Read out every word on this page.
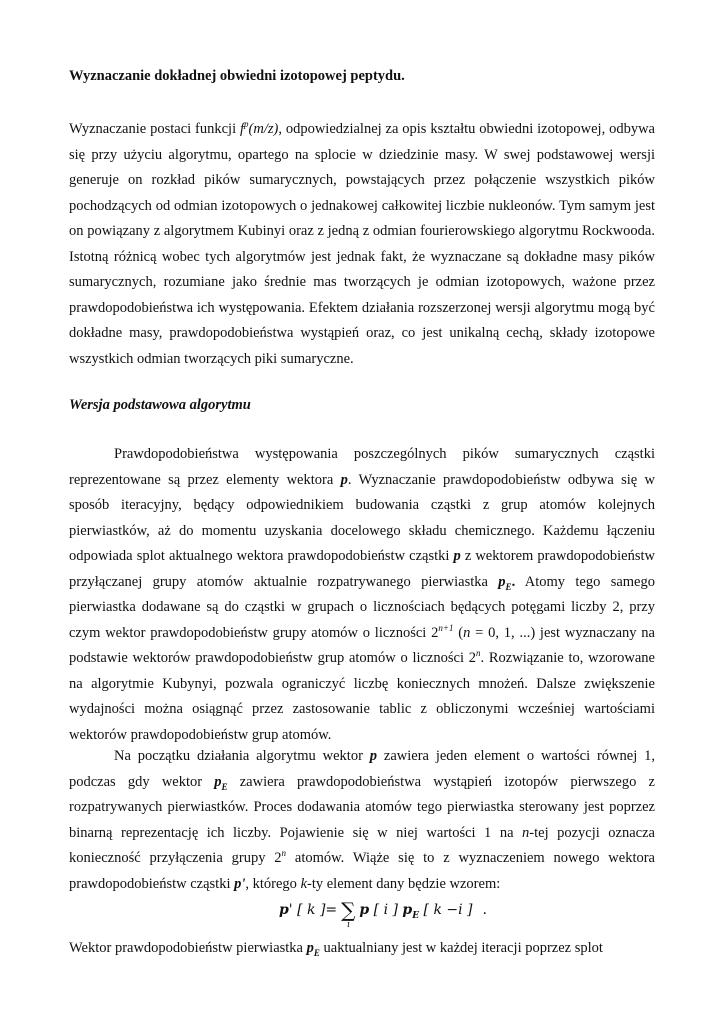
Wyznaczanie dokładnej obwiedni izotopowej peptydu.

Wyznaczanie postaci funkcji $f^p(m/z)$, odpowiedzialnej za opis kształtu obwiedni izotopowej, odbywa się przy użyciu algorytmu, opartego na splocie w dziedzinie masy. W swej podstawowej wersji generuje on rozkład pików sumarycznych, powstających przez połączenie wszystkich pików pochodzących od odmian izotopowych o jednakowej całkowitej liczbie nukleonów. Tym samym jest on powiązany z algorytmem Kubinyi oraz z jedną z odmian fourierowskiego algorytmu Rockwooda. Istotną różnicą wobec tych algorytmów jest jednak fakt, że wyznaczane są dokładne masy pików sumarycznych, rozumiane jako średnie mas tworzących je odmian izotopowych, ważone przez prawdopodobieństwa ich występowania. Efektem działania rozszerzonej wersji algorytmu mogą być dokładne masy, prawdopodobieństwa wystąpień oraz, co jest unikalną cechą, składy izotopowe wszystkich odmian tworzących piki sumaryczne.

Wersja podstawowa algorytmu

Prawdopodobieństwa występowania poszczególnych pików sumarycznych cząstki reprezentowane są przez elementy wektora p. Wyznaczanie prawdopodobieństw odbywa się w sposób iteracyjny, będący odpowiednikiem budowania cząstki z grup atomów kolejnych pierwiastków, aż do momentu uzyskania docelowego składu chemicznego. Każdemu łączeniu odpowiada splot aktualnego wektora prawdopodobieństw cząstki p z wektorem prawdopodobieństw przyłączanej grupy atomów aktualnie rozpatrywanego pierwiastka $p_E$. Atomy tego samego pierwiastka dodawane są do cząstki w grupach o licznościach będących potęgami liczby 2, przy czym wektor prawdopodobieństw grupy atomów o liczności $2^{n+1}$ (n = 0, 1, ...) jest wyznaczany na podstawie wektorów prawdopodobieństw grup atomów o liczności 2$^n$. Rozwiązanie to, wzorowane na algorytmie Kubynyi, pozwala ograniczyć liczbę koniecznych mnożeń. Dalsze zwiększenie wydajności można osiągnąć przez zastosowanie tablic z obliczonymi wcześniej wartościami wektorów prawdopodobieństw grup atomów.

Na początku działania algorytmu wektor p zawiera jeden element o wartości równej 1, podczas gdy wektor $p_E$ zawiera prawdopodobieństwa wystąpień izotopów pierwszego z rozpatrywanych pierwiastków. Proces dodawania atomów tego pierwiastka sterowany jest poprzez binarną reprezentację ich liczby. Pojawienie się w niej wartości 1 na n-tej pozycji oznacza konieczność przyłączenia grupy 2$^n$ atomów. Wiąże się to z wyznaczeniem nowego wektora prawdopodobieństw cząstki p', którego k-ty element dany będzie wzorem:

p' [ k ]= ∑
i
p [ i ] $p_E$ [ k −i ] .

Wektor prawdopodobieństw pierwiastka $p_E$ uaktualniany jest w każdej iteracji poprzez splot
